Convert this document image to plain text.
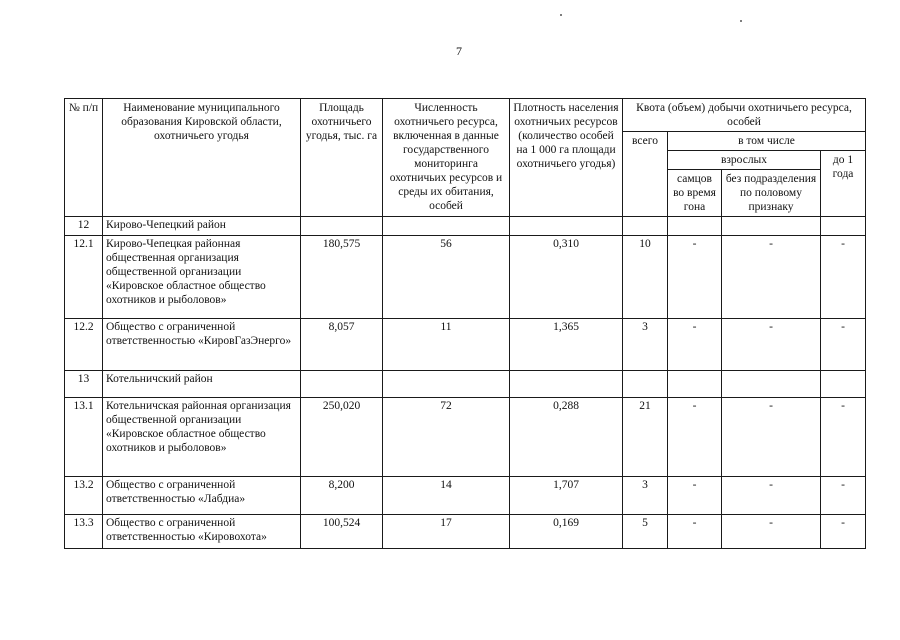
7
№ п/п	Наименование муниципального образования Кировской области, охотничьего угодья	Площадь охотничьего угодья, тыс. га	Численность охотничьего ресурса, включенная в данные государственного мониторинга охотничьих ресурсов и среды их обитания, особей	Плотность населения охотничьих ресурсов (количество особей на 1 000 га площади охотничьего угодья)	Квота (объем) добычи охотничьего ресурса, особей			
					всего	в том числе		
						взрослых		до 1 года
						самцов во время гона	без подразделения по половому признаку	
12	Кирово-Чепецкий район							
12.1	Кирово-Чепецкая районная общественная организация общественной организации «Кировское областное общество охотников и рыболовов»	180,575	56	0,310	10	-	-	-
12.2	Общество с ограниченной ответственностью «КировГазЭнерго»	8,057	11	1,365	3	-	-	-
13	Котельничский район							
13.1	Котельничская районная организация общественной организации «Кировское областное общество охотников и рыболовов»	250,020	72	0,288	21	-	-	-
13.2	Общество с ограниченной ответственностью «Лабдиа»	8,200	14	1,707	3	-	-	-
13.3	Общество с ограниченной ответственностью «Кировохота»	100,524	17	0,169	5	-	-	-
